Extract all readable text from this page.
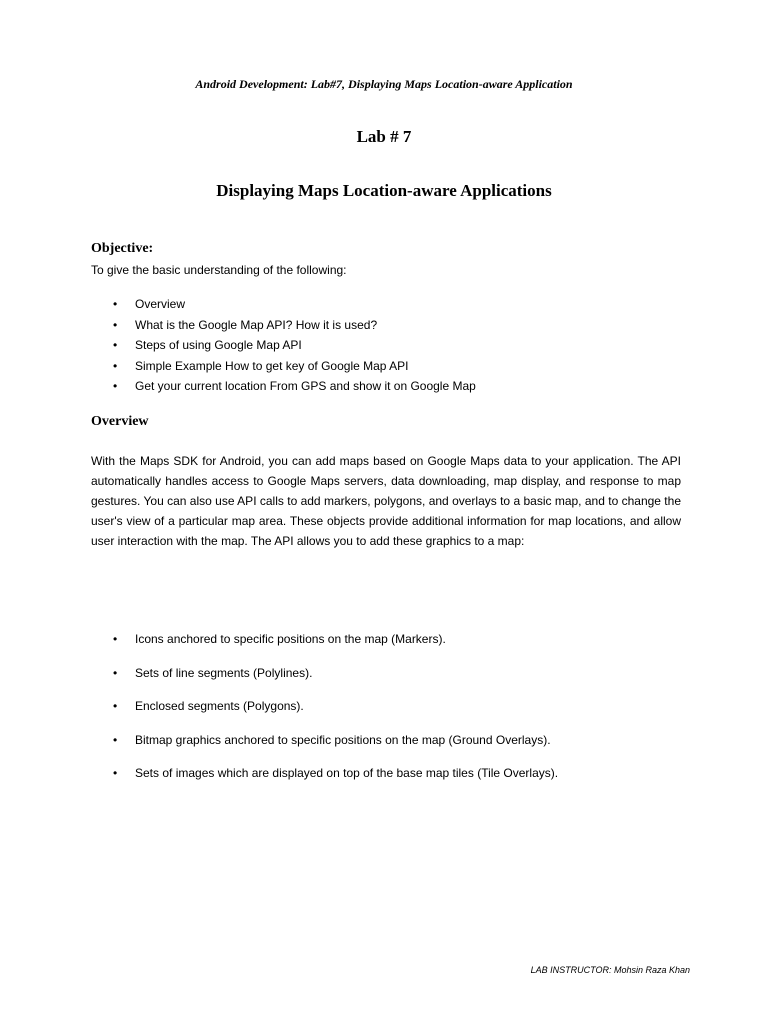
Android Development: Lab#7, Displaying Maps Location-aware Application
Lab # 7
Displaying Maps Location-aware Applications
Objective:
To give the basic understanding of the following:
• Overview
• What is the Google Map API? How it is used?
• Steps of using Google Map API
• Simple Example How to get key of Google Map API
• Get your current location From GPS and show it on Google Map
Overview
With the Maps SDK for Android, you can add maps based on Google Maps data to your application. The API automatically handles access to Google Maps servers, data downloading, map display, and response to map gestures. You can also use API calls to add markers, polygons, and overlays to a basic map, and to change the user's view of a particular map area. These objects provide additional information for map locations, and allow user interaction with the map. The API allows you to add these graphics to a map:
• Icons anchored to specific positions on the map (Markers).
• Sets of line segments (Polylines).
• Enclosed segments (Polygons).
• Bitmap graphics anchored to specific positions on the map (Ground Overlays).
• Sets of images which are displayed on top of the base map tiles (Tile Overlays).
LAB INSTRUCTOR: Mohsin Raza Khan
